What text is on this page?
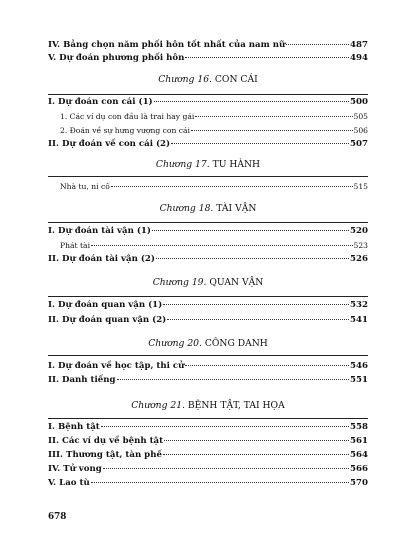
IV. Bảng chọn năm phối hôn tốt nhất của nam nữ	487
V. Dự đoán phương phối hôn	494
Chương 16. CON CÁI
I. Dự đoán con cái (1)	500
1. Các ví dụ con đầu là trai hay gái	505
2. Đoán về sự hưng vượng con cái	506
II. Dự đoán về con cái (2)	507
Chương 17. TU HÀNH
Nhà tu, ni cô	515
Chương 18. TÀI VẬN
I. Dự đoán tài vận (1)	520
Phát tài	523
II. Dự đoán tài vận (2)	526
Chương 19. QUAN VẬN
I. Dự đoán quan vận (1)	532
II. Dự đoán quan vận (2)	541
Chương 20. CÔNG DANH
I. Dự đoán về học tập, thi cử	546
II. Danh tiếng	551
Chương 21. BỆNH TẬT, TAI HỌA
I. Bệnh tật	558
II. Các ví dụ về bệnh tật	561
III. Thương tật, tàn phế	564
IV. Tử vong	566
V. Lao tù	570
678
